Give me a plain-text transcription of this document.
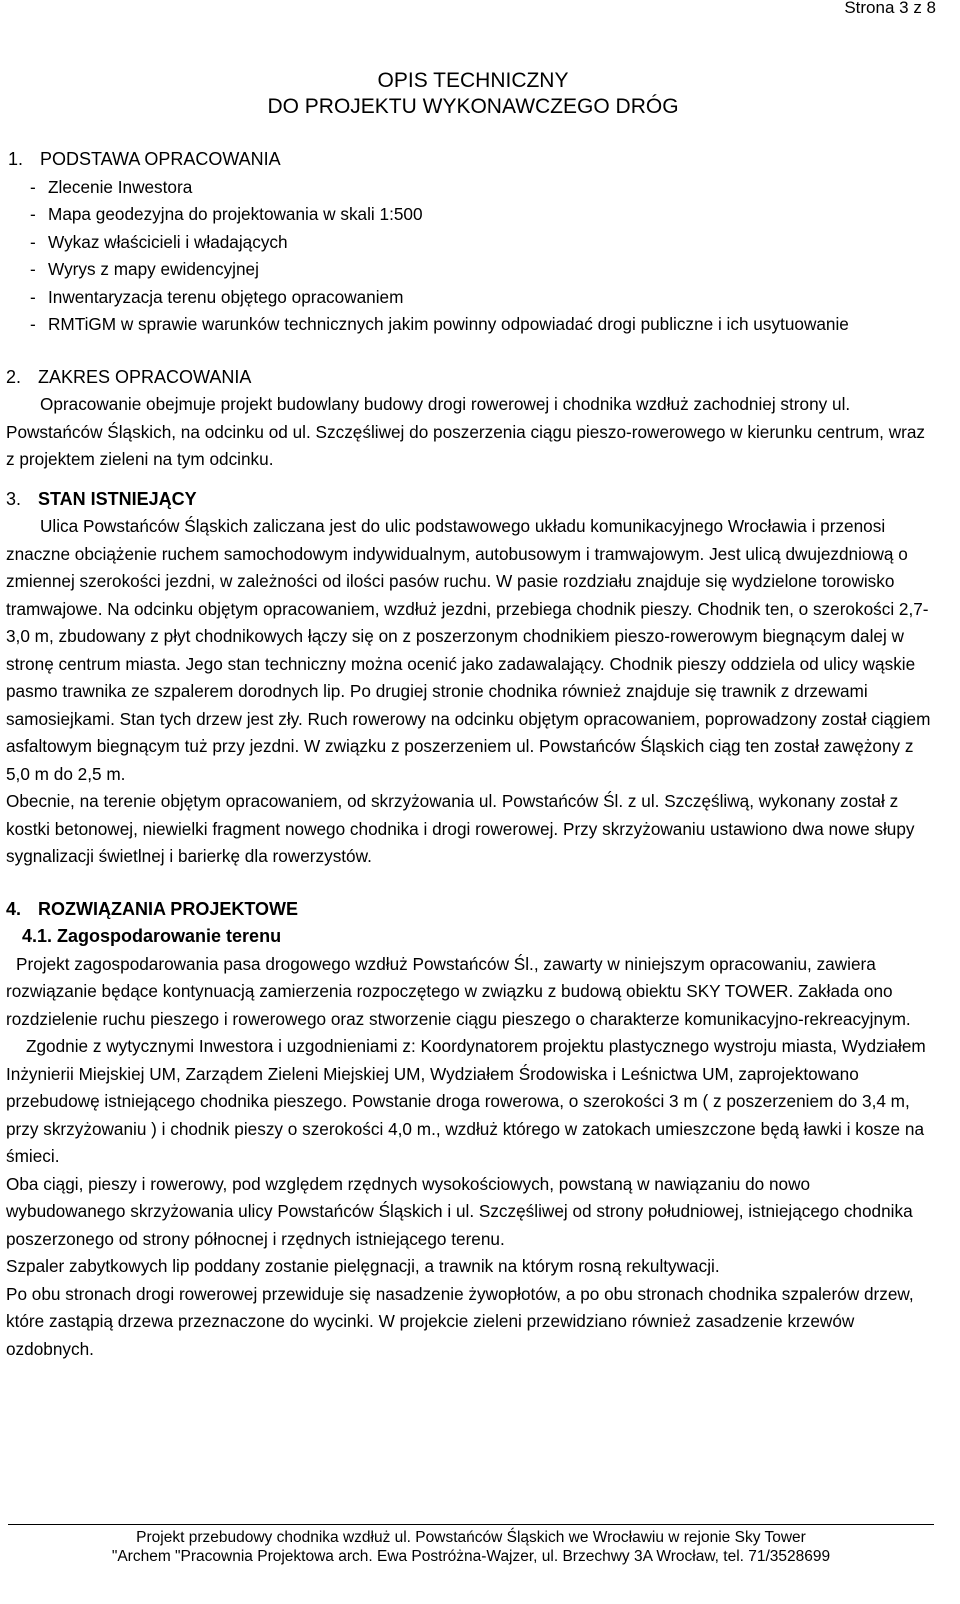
Strona 3 z 8
OPIS TECHNICZNY
DO PROJEKTU WYKONAWCZEGO DRÓG
1. PODSTAWA OPRACOWANIA
- Zlecenie Inwestora
- Mapa geodezyjna do projektowania w skali 1:500
- Wykaz właścicieli i władających
- Wyrys z mapy ewidencyjnej
- Inwentaryzacja terenu objętego opracowaniem
- RMTiGM w sprawie warunków technicznych jakim powinny odpowiadać drogi publiczne i ich usytuowanie
2. ZAKRES OPRACOWANIA
Opracowanie obejmuje projekt budowlany budowy drogi rowerowej i chodnika wzdłuż zachodniej strony ul. Powstańców Śląskich, na odcinku od ul. Szczęśliwej do poszerzenia ciągu pieszo-rowerowego w kierunku centrum, wraz z projektem zieleni na tym odcinku.
3. STAN ISTNIEJĄCY
Ulica Powstańców Śląskich zaliczana jest do ulic podstawowego układu komunikacyjnego Wrocławia i przenosi znaczne obciążenie ruchem samochodowym indywidualnym, autobusowym i tramwajowym. Jest ulicą dwujezdniową o zmiennej szerokości jezdni, w zależności od ilości pasów ruchu. W pasie rozdziału znajduje się wydzielone torowisko tramwajowe. Na odcinku objętym opracowaniem, wzdłuż jezdni, przebiega chodnik pieszy. Chodnik ten, o szerokości 2,7- 3,0 m, zbudowany z płyt chodnikowych łączy się on z poszerzonym chodnikiem pieszo-rowerowym biegnącym dalej w stronę centrum miasta. Jego stan techniczny można ocenić jako zadawalający. Chodnik pieszy oddziela od ulicy wąskie pasmo trawnika ze szpalerem dorodnych lip. Po drugiej stronie chodnika również znajduje się trawnik z drzewami samosiejkami. Stan tych drzew jest zły. Ruch rowerowy na odcinku objętym opracowaniem, poprowadzony został ciągiem asfaltowym biegnącym tuż przy jezdni. W związku z poszerzeniem ul. Powstańców Śląskich ciąg ten został zawężony z 5,0 m do 2,5 m.
Obecnie, na terenie objętym opracowaniem, od skrzyżowania ul. Powstańców Śl. z ul. Szczęśliwą, wykonany został z kostki betonowej, niewielki fragment nowego chodnika i drogi rowerowej. Przy skrzyżowaniu ustawiono dwa nowe słupy sygnalizacji świetlnej i barierkę dla rowerzystów.
4. ROZWIĄZANIA PROJEKTOWE
4.1. Zagospodarowanie terenu
Projekt zagospodarowania pasa drogowego wzdłuż Powstańców Śl., zawarty w niniejszym opracowaniu, zawiera rozwiązanie będące kontynuacją zamierzenia rozpoczętego w związku z budową obiektu SKY TOWER. Zakłada ono rozdzielenie ruchu pieszego i rowerowego oraz stworzenie ciągu pieszego o charakterze komunikacyjno-rekreacyjnym.
Zgodnie z wytycznymi Inwestora i uzgodnieniami z: Koordynatorem projektu plastycznego wystroju miasta, Wydziałem Inżynierii Miejskiej UM, Zarządem Zieleni Miejskiej UM, Wydziałem Środowiska i Leśnictwa UM, zaprojektowano przebudowę istniejącego chodnika pieszego. Powstanie droga rowerowa, o szerokości 3 m ( z poszerzeniem do 3,4 m, przy skrzyżowaniu ) i chodnik pieszy o szerokości 4,0 m., wzdłuż którego w zatokach umieszczone będą ławki i kosze na śmieci.
Oba ciągi, pieszy i rowerowy, pod względem rzędnych wysokościowych, powstaną w nawiązaniu do nowo wybudowanego skrzyżowania ulicy Powstańców Śląskich i ul. Szczęśliwej od strony południowej, istniejącego chodnika poszerzonego od strony północnej i rzędnych istniejącego terenu.
Szpaler zabytkowych lip poddany zostanie pielęgnacji, a trawnik na którym rosną rekultywacji.
Po obu stronach drogi rowerowej przewiduje się nasadzenie żywopłotów, a po obu stronach chodnika szpalerów drzew, które zastąpią drzewa przeznaczone do wycinki. W projekcie zieleni przewidziano również zasadzenie krzewów ozdobnych.
Projekt przebudowy chodnika wzdłuż ul. Powstańców Śląskich we Wrocławiu w rejonie Sky Tower
"Archem "Pracownia Projektowa arch. Ewa Postróżna-Wajzer, ul. Brzechwy 3A Wrocław, tel. 71/3528699
